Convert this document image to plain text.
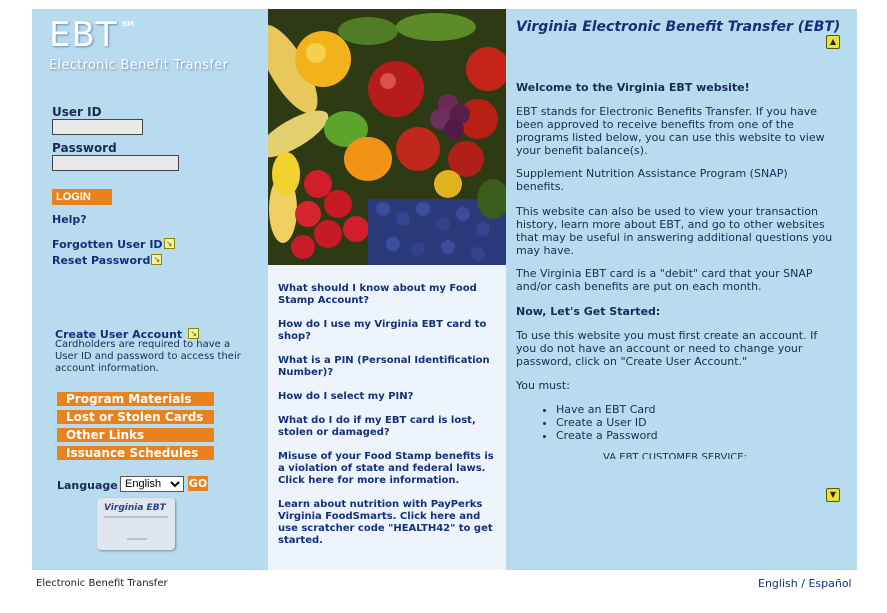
EBT SM
Electronic Benefit Transfer
User ID
Password
LOGIN
Help?
Forgotten User ID ↘
Reset Password ↘
Create User Account ↘
Cardholders are required to have a User ID and password to access their account information.
Program Materials
Lost or Stolen Cards
Other Links
Issuance Schedules
Language
English	GO
Virginia EBT
What should I know about my Food Stamp Account?
How do I use my Virginia EBT card to shop?
What is a PIN (Personal Identification Number)?
How do I select my PIN?
What do I do if my EBT card is lost, stolen or damaged?
Misuse of your Food Stamp benefits is a violation of state and federal laws. Click here for more information.
Learn about nutrition with PayPerks Virginia FoodSmarts. Click here and use scratcher code "HEALTH42" to get started.
Virginia Electronic Benefit Transfer (EBT)
▲
Welcome to the Virginia EBT website!
EBT stands for Electronic Benefits Transfer. If you have been approved to receive benefits from one of the programs listed below, you can use this website to view your benefit balance(s).
Supplement Nutrition Assistance Program (SNAP) benefits.
This website can also be used to view your transaction history, learn more about EBT, and go to other websites that may be useful in answering additional questions you may have.
The Virginia EBT card is a "debit" card that your SNAP and/or cash benefits are put on each month.
Now, Let's Get Started:
To use this website you must first create an account. If you do not have an account or need to change your password, click on "Create User Account."
You must:
• Have an EBT Card
• Create a User ID
• Create a Password
VA EBT CUSTOMER SERVICE:
▼
Electronic Benefit Transfer	English / Español
